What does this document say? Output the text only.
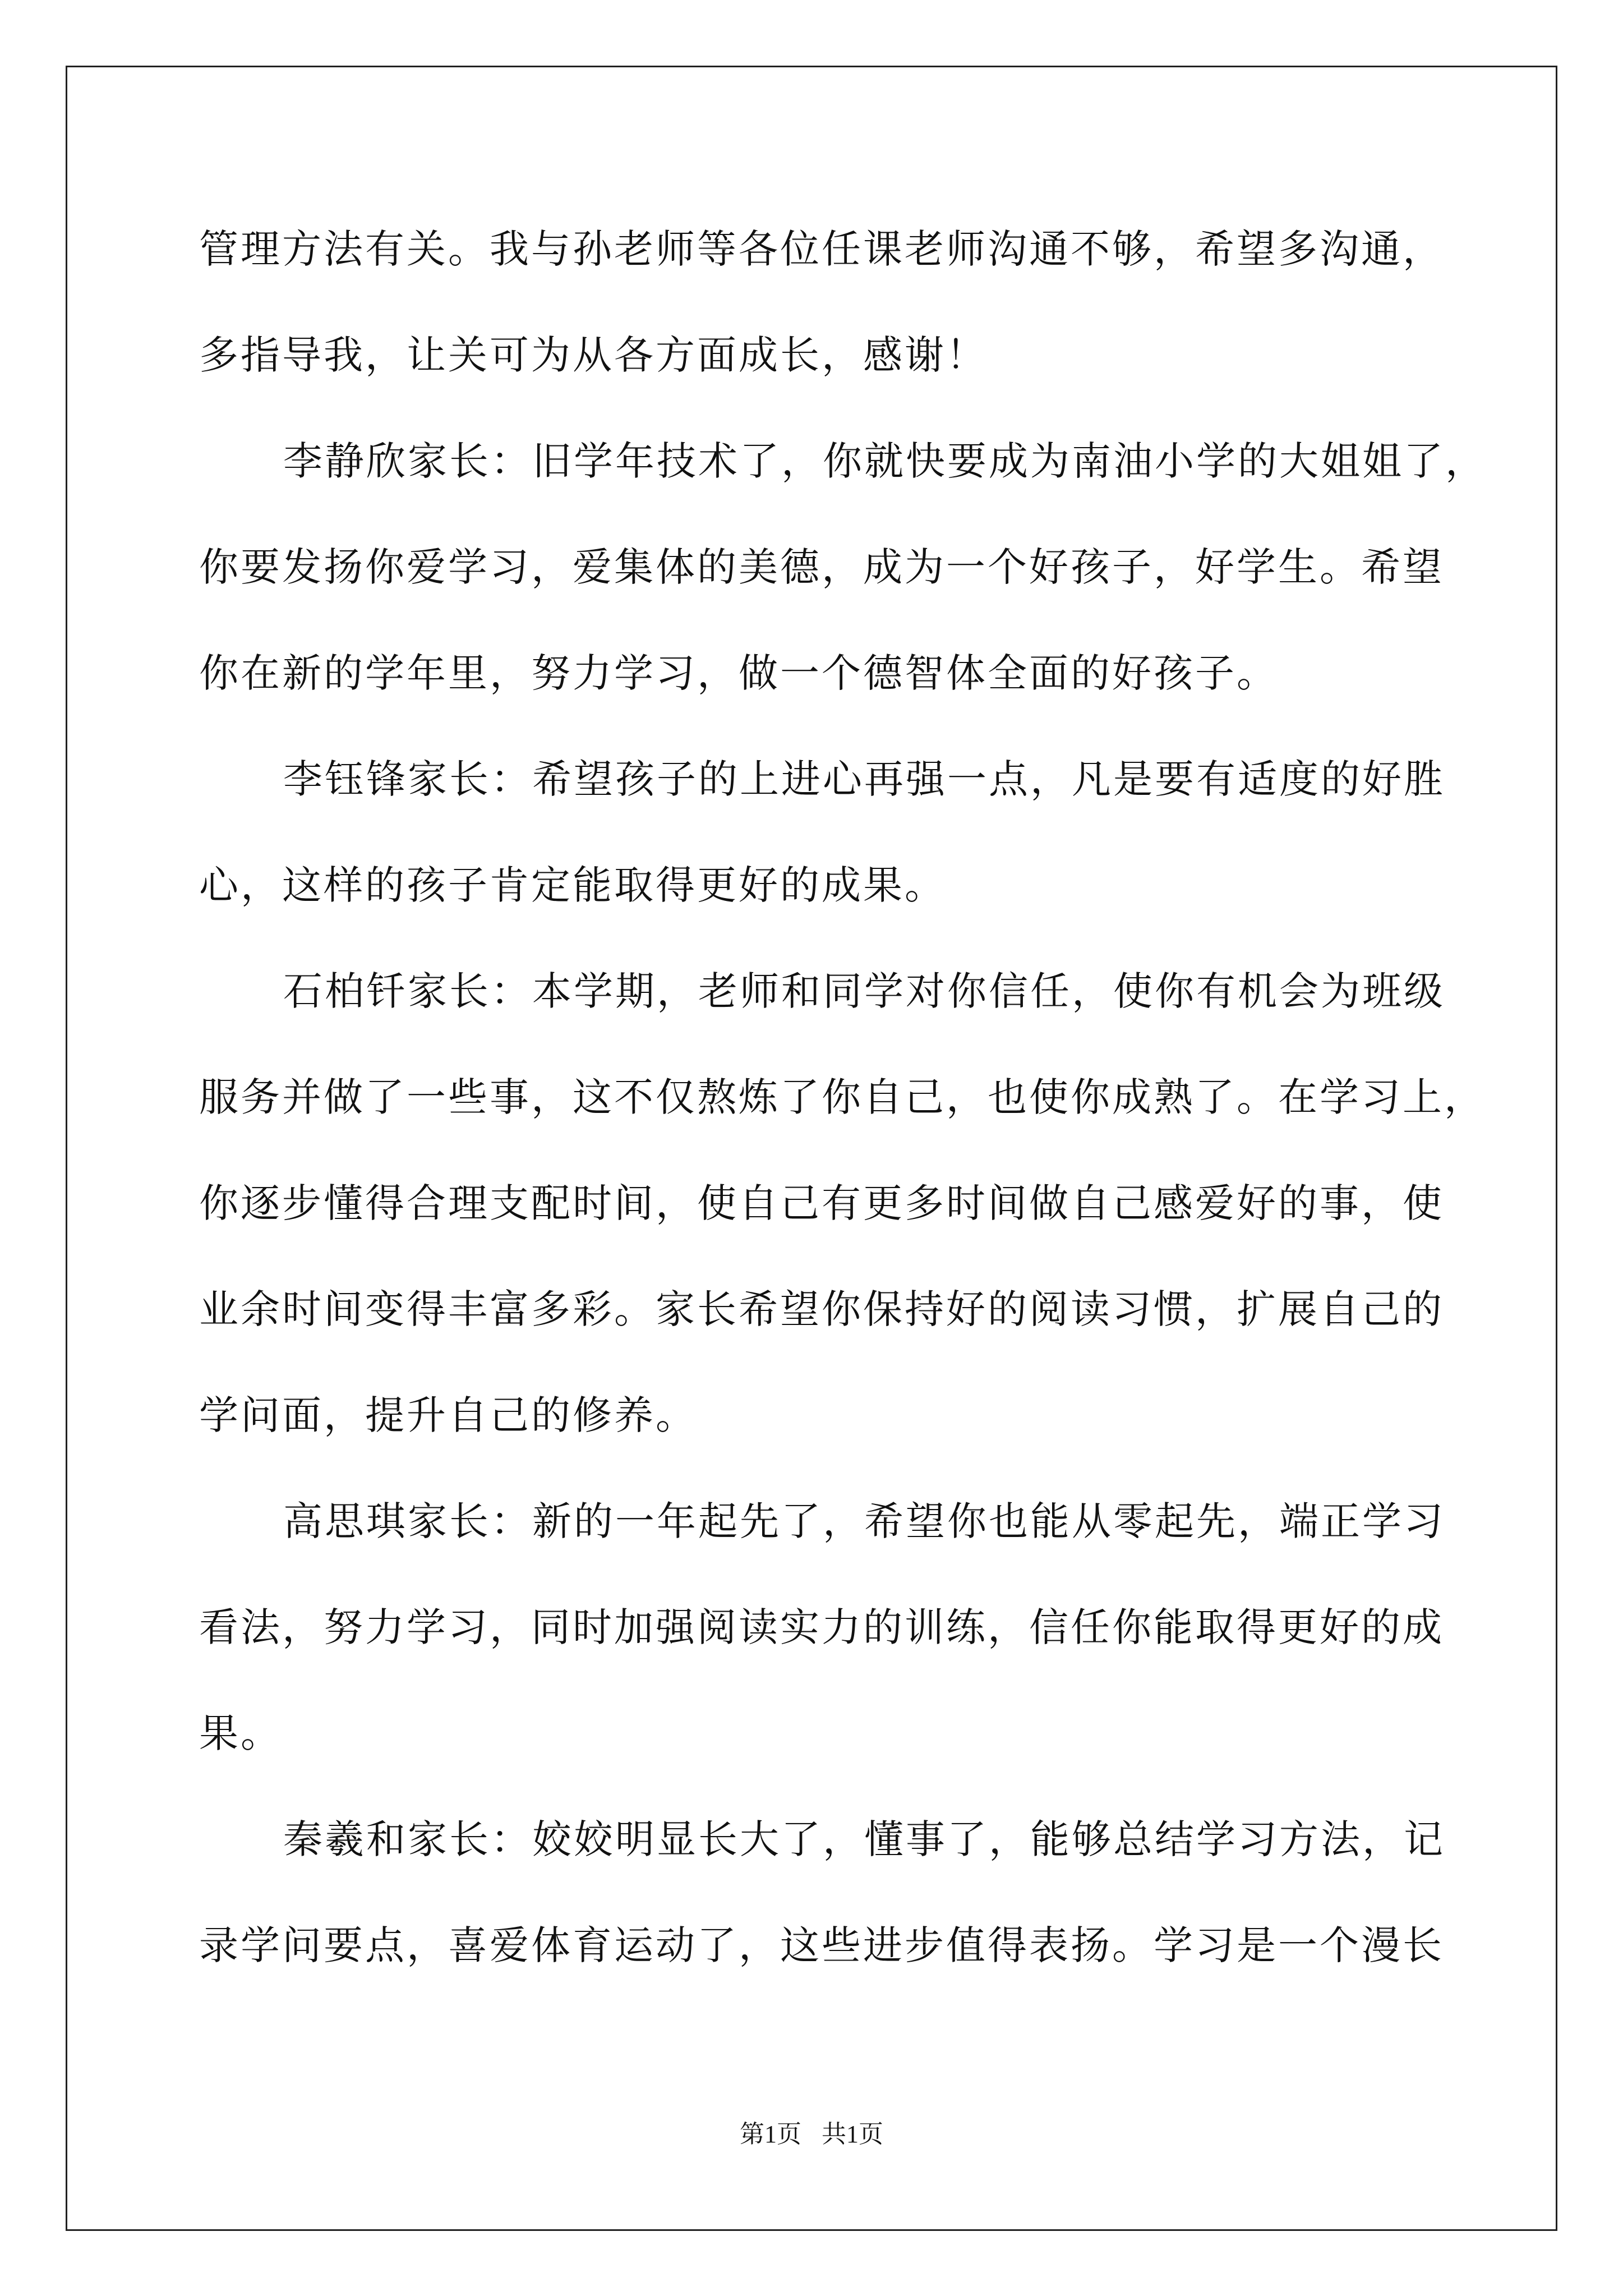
管理方法有关。我与孙老师等各位任课老师沟通不够，希望多沟通，
多指导我，让关可为从各方面成长，感谢！
李静欣家长：旧学年技术了，你就快要成为南油小学的大姐姐了，
你要发扬你爱学习，爱集体的美德，成为一个好孩子，好学生。希望
你在新的学年里，努力学习，做一个德智体全面的好孩子。
李钰锋家长：希望孩子的上进心再强一点，凡是要有适度的好胜
心，这样的孩子肯定能取得更好的成果。
石柏钎家长：本学期，老师和同学对你信任，使你有机会为班级
服务并做了一些事，这不仅熬炼了你自己，也使你成熟了。在学习上，
你逐步懂得合理支配时间，使自己有更多时间做自己感爱好的事，使
业余时间变得丰富多彩。家长希望你保持好的阅读习惯，扩展自己的
学问面，提升自己的修养。
高思琪家长：新的一年起先了，希望你也能从零起先，端正学习
看法，努力学习，同时加强阅读实力的训练，信任你能取得更好的成
果。
秦羲和家长：姣姣明显长大了，懂事了，能够总结学习方法，记
录学问要点，喜爱体育运动了，这些进步值得表扬。学习是一个漫长
第1页 共1页
